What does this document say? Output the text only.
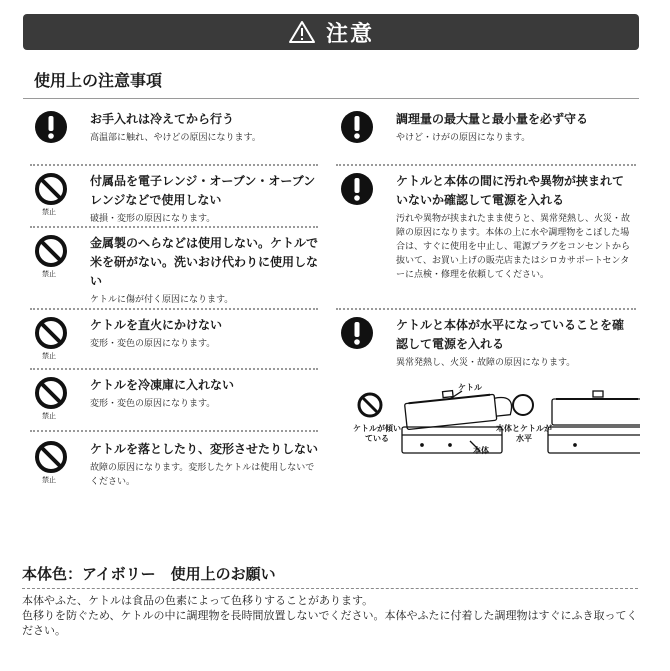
注意
使用上の注意事項
お手入れは冷えてから行う
高温部に触れ、やけどの原因になります。
禁止
付属品を電子レンジ・オーブン・オーブンレンジなどで使用しない
破損・変形の原因になります。
禁止
金属製のへらなどは使用しない。ケトルで米を研がない。洗いおけ代わりに使用しない
ケトルに傷が付く原因になります。
禁止
ケトルを直火にかけない
変形・変色の原因になります。
禁止
ケトルを冷凍庫に入れない
変形・変色の原因になります。
禁止
ケトルを落としたり、変形させたりしない
故障の原因になります。変形したケトルは使用しないでください。
調理量の最大量と最小量を必ず守る
やけど・けがの原因になります。
ケトルと本体の間に汚れや異物が挟まれていないか確認して電源を入れる
汚れや異物が挟まれたまま使うと、異常発熱し、火災・故障の原因になります。本体の上に水や調理物をこぼした場合は、すぐに使用を中止し、電源プラグをコンセントから抜いて、お買い上げの販売店またはシロカサポートセンターに点検・修理を依頼してください。
ケトルと本体が水平になっていることを確認して電源を入れる
異常発熱し、火災・故障の原因になります。
ケトルが傾いている
ケトル
本体
本体とケトルが水平
本体色：アイボリー　使用上のお願い
本体やふた、ケトルは食品の色素によって色移りすることがあります。
色移りを防ぐため、ケトルの中に調理物を長時間放置しないでください。本体やふたに付着した調理物はすぐにふき取ってください。
